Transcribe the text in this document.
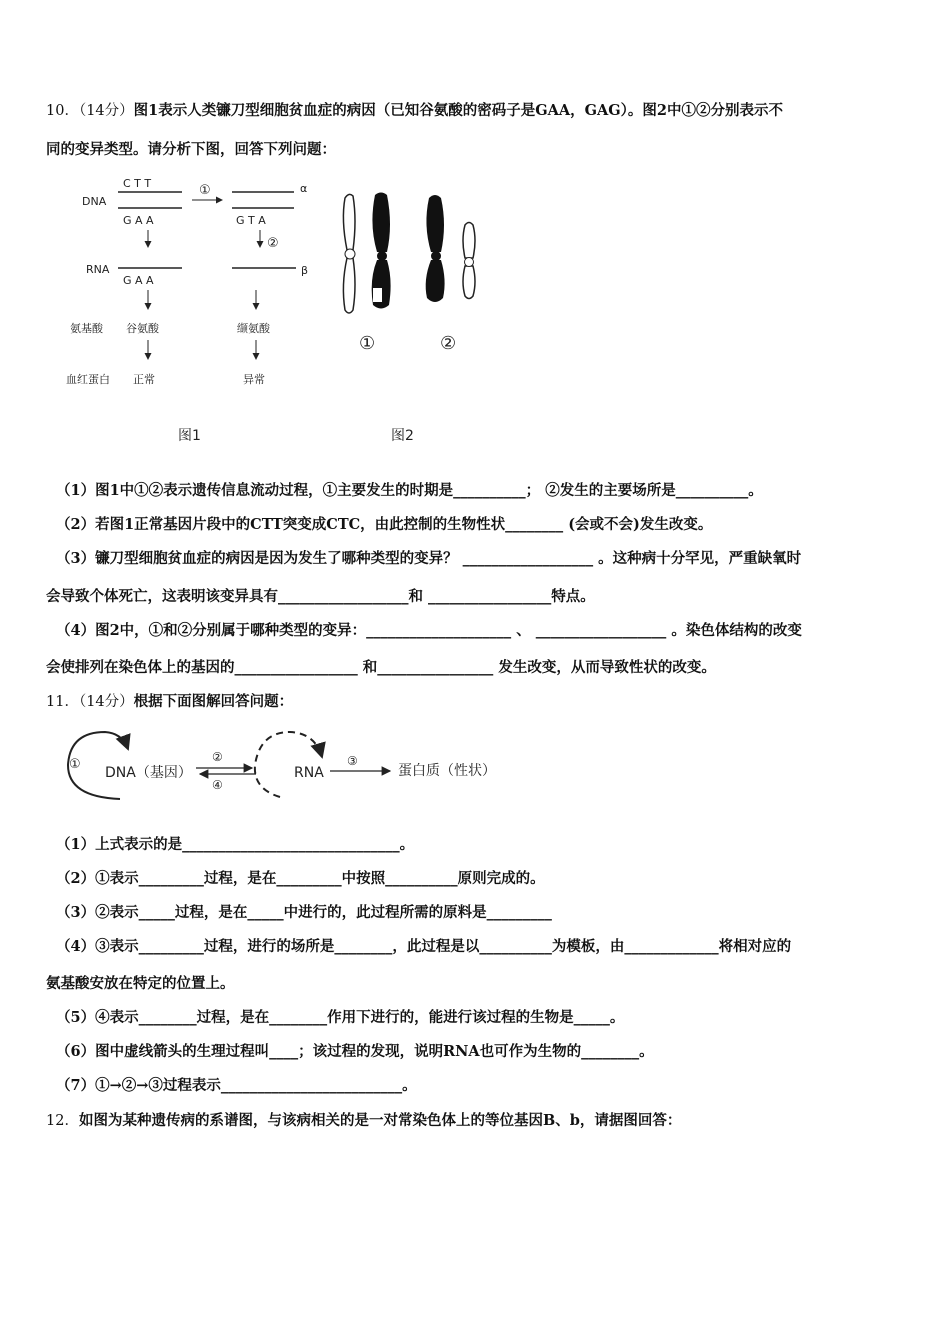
10．（14分）图1表示人类镰刀型细胞贫血症的病因（已知谷氨酸的密码子是GAA，GAG）。图2中①②分别表示不
同的变异类型。请分析下图，回答下列问题：
DNA
C T T
G A A
①	α
G T A
②
RNA
G A A
β
氨基酸 谷氨酸	缬氨酸
血红蛋白 正常	异常
图1
①	②
图2
（1）图1中①②表示遗传信息流动过程，①主要发生的时期是__________； ②发生的主要场所是__________。
（2）若图1正常基因片段中的CTT突变成CTC，由此控制的生物性状________ (会或不会)发生改变。
（3）镰刀型细胞贫血症的病因是因为发生了哪种类型的变异？ __________________ 。这种病十分罕见，严重缺氧时
会导致个体死亡，这表明该变异具有__________________和 _________________特点。
（4）图2中，①和②分别属于哪种类型的变异：____________________ 、 __________________ 。染色体结构的改变
会使排列在染色体上的基因的_________________ 和________________ 发生改变，从而导致性状的改变。
11．（14分）根据下面图解回答问题：
①
DNA（基因）
②
④
RNA
③
蛋白质（性状）
（1）上式表示的是______________________________。
（2）①表示_________过程，是在_________中按照__________原则完成的。
（3）②表示_____过程，是在_____中进行的，此过程所需的原料是_________
（4）③表示_________过程，进行的场所是________，此过程是以__________为模板，由_____________将相对应的
氨基酸安放在特定的位置上。
（5）④表示________过程，是在________作用下进行的，能进行该过程的生物是_____。
（6）图中虚线箭头的生理过程叫____；该过程的发现，说明RNA也可作为生物的________。
（7）①→②→③过程表示_________________________。
12．如图为某种遗传病的系谱图，与该病相关的是一对常染色体上的等位基因B、b，请据图回答：
